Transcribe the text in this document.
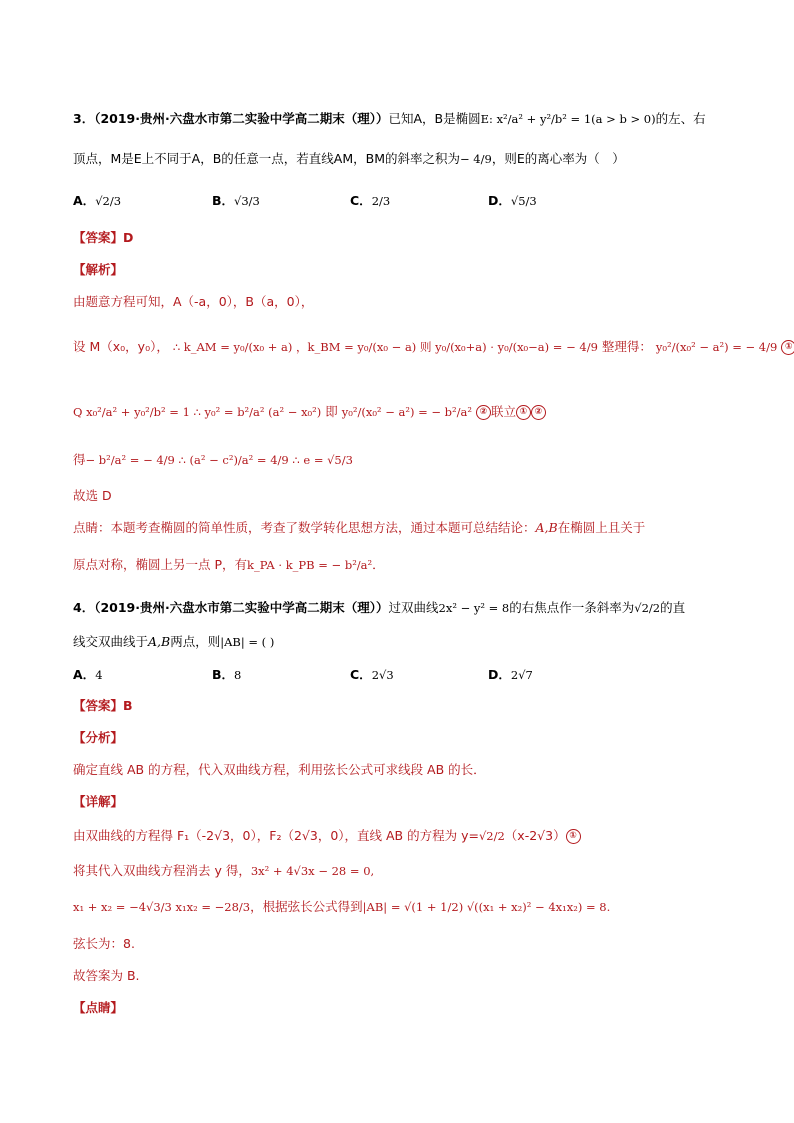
3．（2019·贵州·六盘水市第二实验中学高二期末（理））已知A，B是椭圆E: x²/a² + y²/b² = 1(a > b > 0)的左、右
顶点，M是E上不同于A，B的任意一点，若直线AM，BM的斜率之积为− 4/9，则E的离心率为（　）
A．√2/3	B．√3/3	C．2/3	D．√5/3
【答案】D
【解析】
由题意方程可知，A（-a，0），B（a，0），
设 M（x₀，y₀）， ∴ k_AM = y₀/(x₀ + a) ，k_BM = y₀/(x₀ − a) 则 y₀/(x₀+a) · y₀/(x₀−a) = − 4/9 整理得： y₀²/(x₀² − a²) = − 4/9 ①
Q x₀²/a² + y₀²/b² = 1 ∴ y₀² = b²/a² (a² − x₀²) 即 y₀²/(x₀² − a²) = − b²/a² ② 联立 ① ②
得− b²/a² = − 4/9 ∴ (a² − c²)/a² = 4/9 ∴ e = √5/3
故选 D
点睛：本题考查椭圆的简单性质，考查了数学转化思想方法，通过本题可总结结论：A,B在椭圆上且关于
原点对称，椭圆上另一点 P，有k_PA · k_PB = − b²/a²．
4．（2019·贵州·六盘水市第二实验中学高二期末（理））过双曲线2x² − y² = 8的右焦点作一条斜率为√2/2的直
线交双曲线于A,B两点，则|AB| = ( )
A．4	B．8	C．2√3	D．2√7
【答案】B
【分析】
确定直线 AB 的方程，代入双曲线方程，利用弦长公式可求线段 AB 的长．
【详解】
由双曲线的方程得 F₁（-2√3，0），F₂（2√3，0），直线 AB 的方程为 y=√2/2（x-2√3） ①
将其代入双曲线方程消去 y 得，3x² + 4√3x − 28 = 0,
x₁ + x₂ = −4√3/3 x₁x₂ = −28/3，根据弦长公式得到|AB| = √(1 + 1/2) √((x₁ + x₂)² − 4x₁x₂) = 8.
弦长为：8.
故答案为 B.
【点睛】
